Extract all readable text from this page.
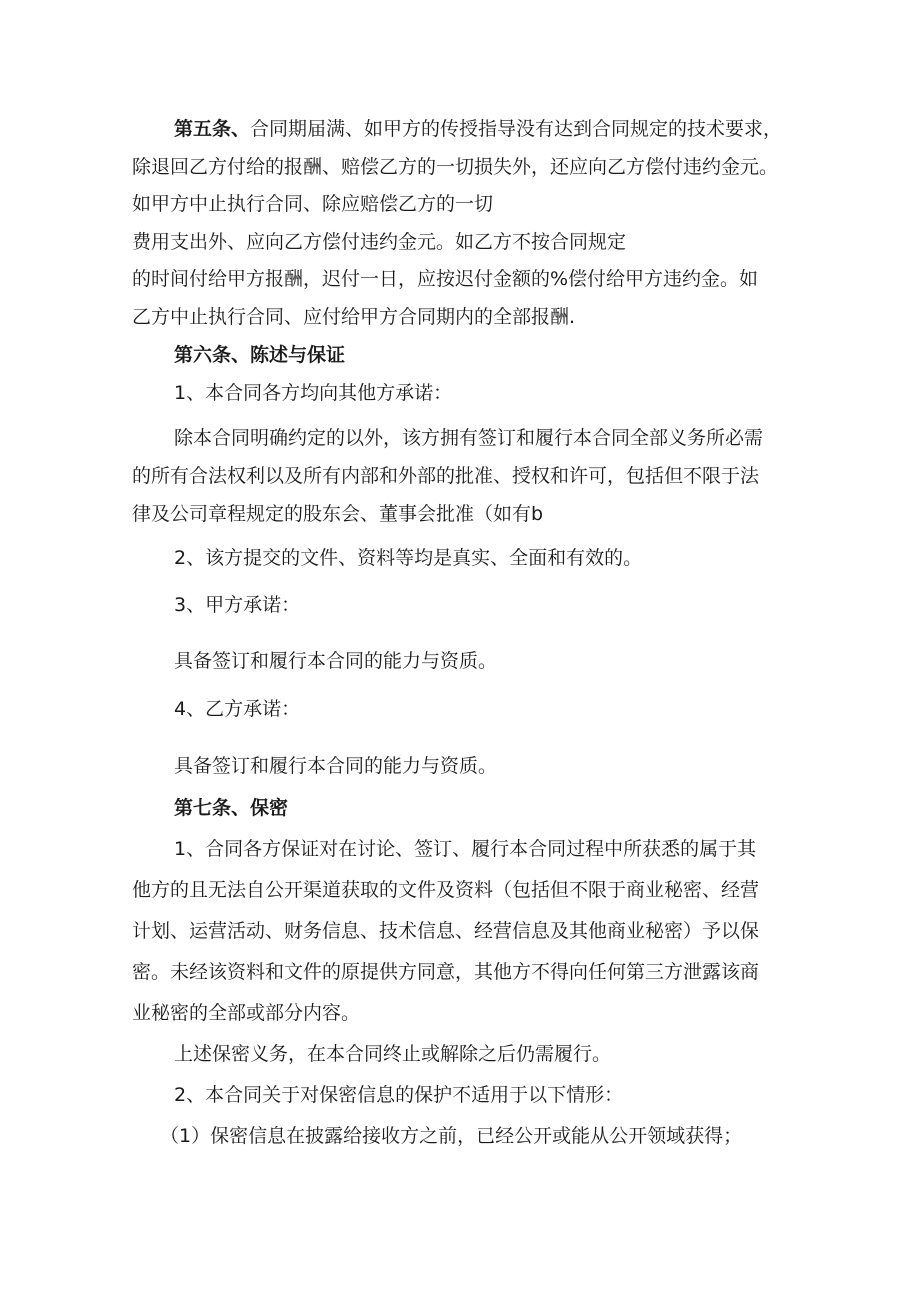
第五条、合同期届满、如甲方的传授指导没有达到合同规定的技术要求，
除退回乙方付给的报酬、赔偿乙方的一切损失外，还应向乙方偿付违约金元。
如甲方中止执行合同、除应赔偿乙方的一切
费用支出外、应向乙方偿付违约金元。如乙方不按合同规定
的时间付给甲方报酬，迟付一日，应按迟付金额的%偿付给甲方违约金。如
乙方中止执行合同、应付给甲方合同期内的全部报酬.
第六条、陈述与保证
1、本合同各方均向其他方承诺：
除本合同明确约定的以外，该方拥有签订和履行本合同全部义务所必需
的所有合法权利以及所有内部和外部的批准、授权和许可，包括但不限于法
律及公司章程规定的股东会、董事会批准（如有b
2、该方提交的文件、资料等均是真实、全面和有效的。
3、甲方承诺：
具备签订和履行本合同的能力与资质。
4、乙方承诺：
具备签订和履行本合同的能力与资质。
第七条、保密
1、合同各方保证对在讨论、签订、履行本合同过程中所获悉的属于其
他方的且无法自公开渠道获取的文件及资料（包括但不限于商业秘密、经营
计划、运营活动、财务信息、技术信息、经营信息及其他商业秘密）予以保
密。未经该资料和文件的原提供方同意，其他方不得向任何第三方泄露该商
业秘密的全部或部分内容。
上述保密义务，在本合同终止或解除之后仍需履行。
2、本合同关于对保密信息的保护不适用于以下情形：
（1）保密信息在披露给接收方之前，已经公开或能从公开领域获得；
